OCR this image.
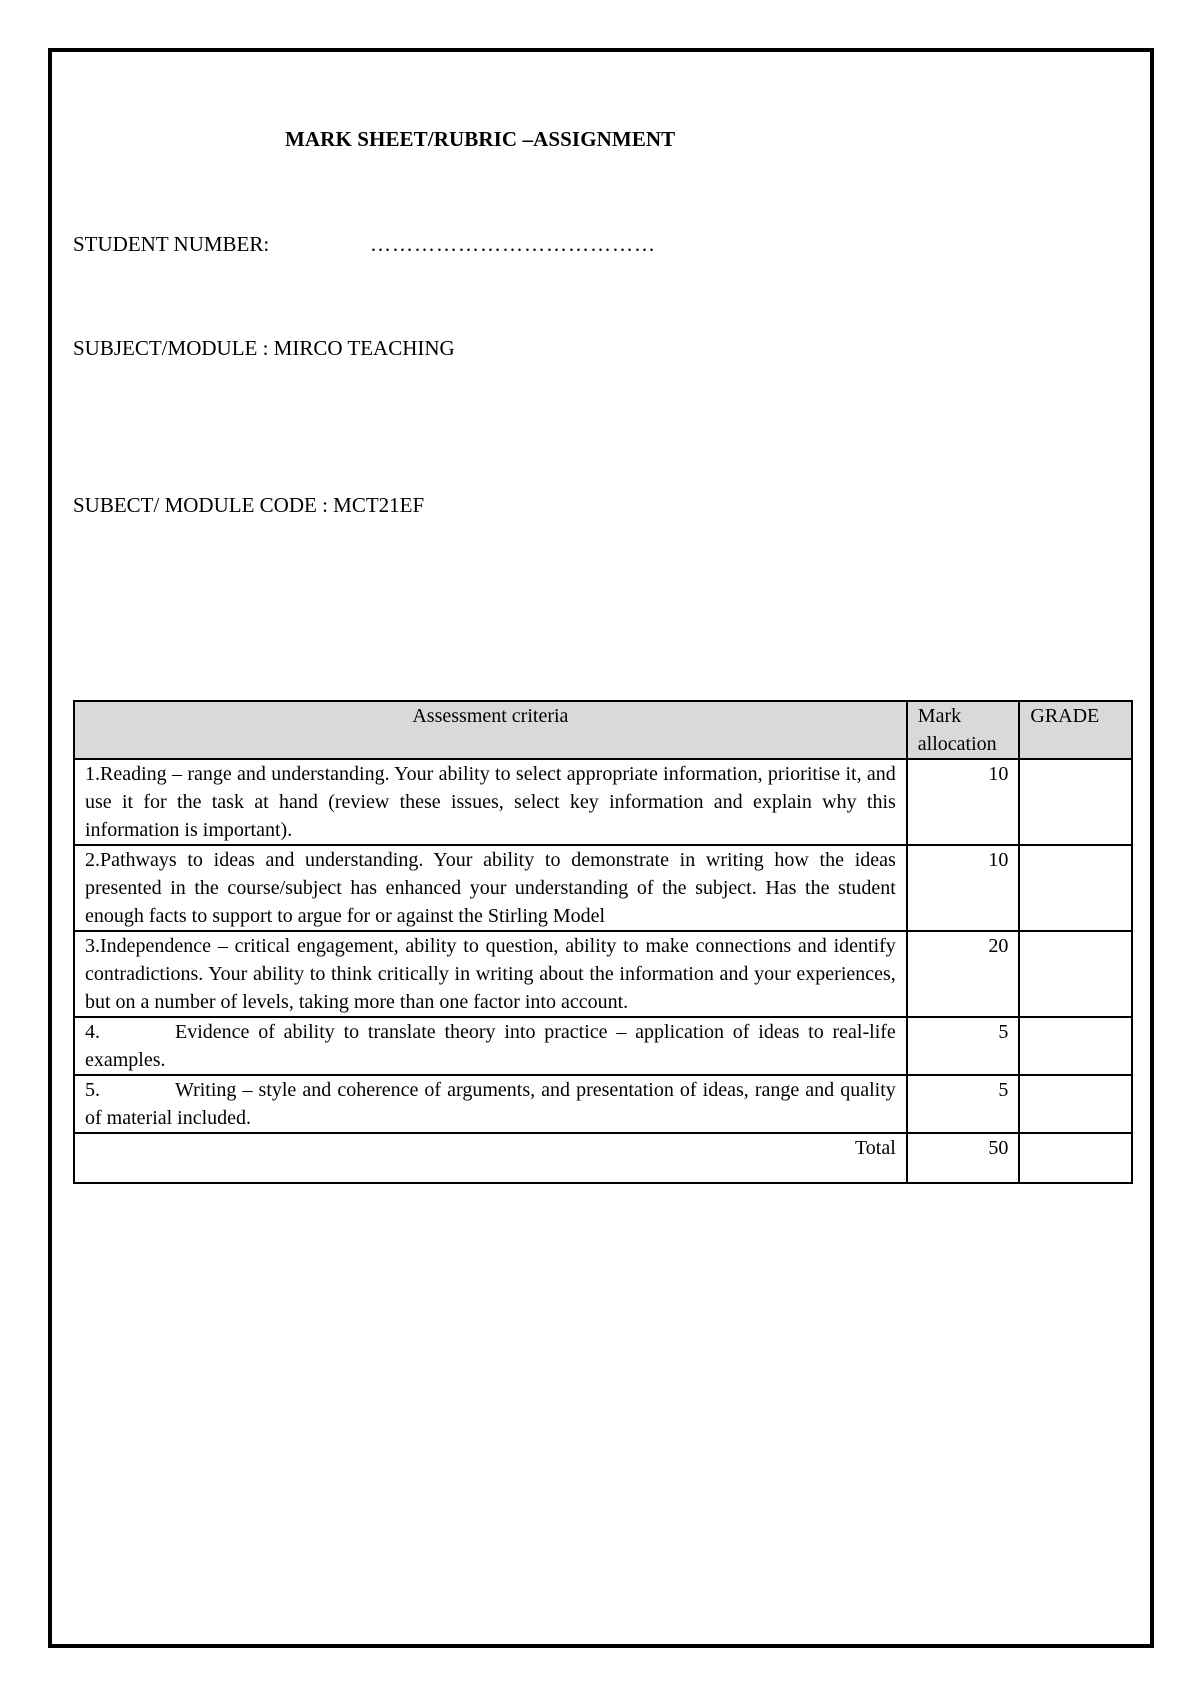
MARK SHEET/RUBRIC –ASSIGNMENT
STUDENT NUMBER:	…………………………………
SUBJECT/MODULE : MIRCO TEACHING
SUBECT/ MODULE CODE : MCT21EF
Assessment criteria	Mark allocation	GRADE
1.Reading – range and understanding. Your ability to select appropriate information, prioritise it, and use it for the task at hand (review these issues, select key information and explain why this information is important).	10	
2.Pathways to ideas and understanding. Your ability to demonstrate in writing how the ideas presented in the course/subject has enhanced your understanding of the subject. Has the student enough facts to support to argue for or against the Stirling Model	10	
3.Independence – critical engagement, ability to question, ability to make connections and identify contradictions. Your ability to think critically in writing about the information and your experiences, but on a number of levels, taking more than one factor into account.	20	
4. Evidence of ability to translate theory into practice – application of ideas to real-life examples.	5	
5. Writing – style and coherence of arguments, and presentation of ideas, range and quality of material included.	5	
Total	50	
